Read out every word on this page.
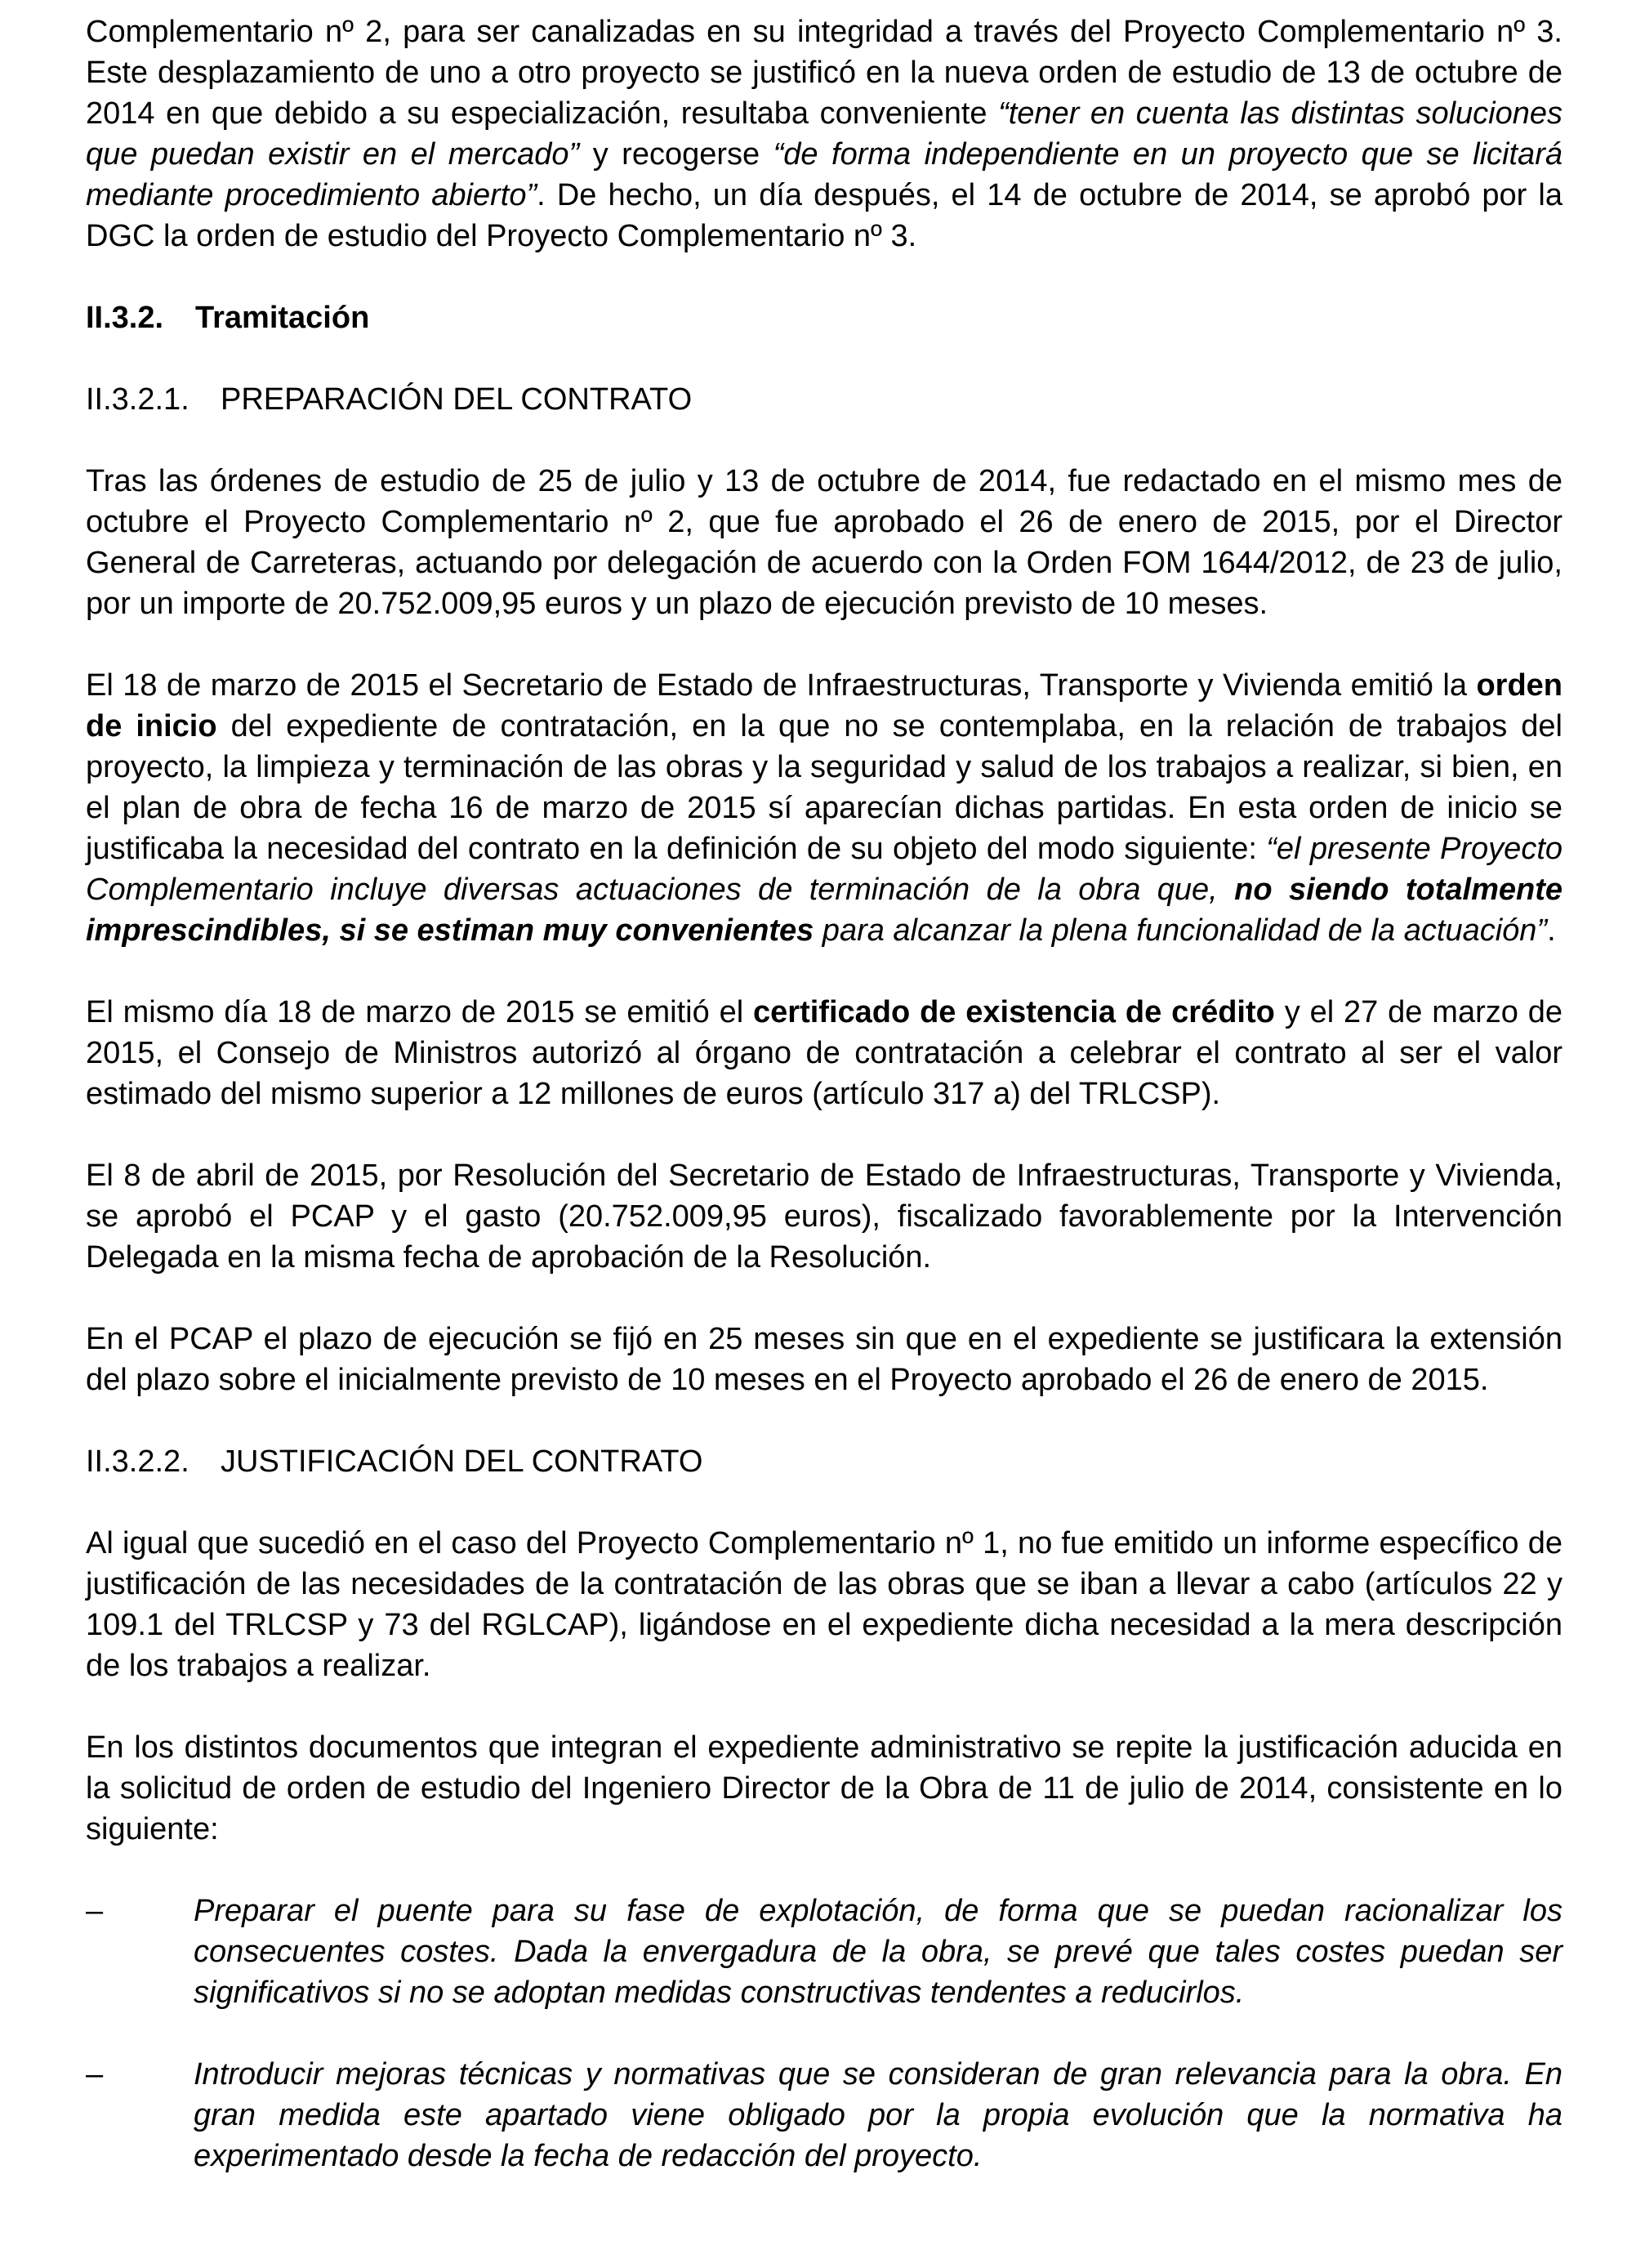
Complementario nº 2, para ser canalizadas en su integridad a través del Proyecto Complementario nº 3. Este desplazamiento de uno a otro proyecto se justificó en la nueva orden de estudio de 13 de octubre de 2014 en que debido a su especialización, resultaba conveniente “tener en cuenta las distintas soluciones que puedan existir en el mercado” y recogerse “de forma independiente en un proyecto que se licitará mediante procedimiento abierto”. De hecho, un día después, el 14 de octubre de 2014, se aprobó por la DGC la orden de estudio del Proyecto Complementario nº 3.

II.3.2. Tramitación

II.3.2.1. PREPARACIÓN DEL CONTRATO

Tras las órdenes de estudio de 25 de julio y 13 de octubre de 2014, fue redactado en el mismo mes de octubre el Proyecto Complementario nº 2, que fue aprobado el 26 de enero de 2015, por el Director General de Carreteras, actuando por delegación de acuerdo con la Orden FOM 1644/2012, de 23 de julio, por un importe de 20.752.009,95 euros y un plazo de ejecución previsto de 10 meses.

El 18 de marzo de 2015 el Secretario de Estado de Infraestructuras, Transporte y Vivienda emitió la orden de inicio del expediente de contratación, en la que no se contemplaba, en la relación de trabajos del proyecto, la limpieza y terminación de las obras y la seguridad y salud de los trabajos a realizar, si bien, en el plan de obra de fecha 16 de marzo de 2015 sí aparecían dichas partidas. En esta orden de inicio se justificaba la necesidad del contrato en la definición de su objeto del modo siguiente: “el presente Proyecto Complementario incluye diversas actuaciones de terminación de la obra que, no siendo totalmente imprescindibles, si se estiman muy convenientes para alcanzar la plena funcionalidad de la actuación”.

El mismo día 18 de marzo de 2015 se emitió el certificado de existencia de crédito y el 27 de marzo de 2015, el Consejo de Ministros autorizó al órgano de contratación a celebrar el contrato al ser el valor estimado del mismo superior a 12 millones de euros (artículo 317 a) del TRLCSP).

El 8 de abril de 2015, por Resolución del Secretario de Estado de Infraestructuras, Transporte y Vivienda, se aprobó el PCAP y el gasto (20.752.009,95 euros), fiscalizado favorablemente por la Intervención Delegada en la misma fecha de aprobación de la Resolución.

En el PCAP el plazo de ejecución se fijó en 25 meses sin que en el expediente se justificara la extensión del plazo sobre el inicialmente previsto de 10 meses en el Proyecto aprobado el 26 de enero de 2015.

II.3.2.2. JUSTIFICACIÓN DEL CONTRATO

Al igual que sucedió en el caso del Proyecto Complementario nº 1, no fue emitido un informe específico de justificación de las necesidades de la contratación de las obras que se iban a llevar a cabo (artículos 22 y 109.1 del TRLCSP y 73 del RGLCAP), ligándose en el expediente dicha necesidad a la mera descripción de los trabajos a realizar.

En los distintos documentos que integran el expediente administrativo se repite la justificación aducida en la solicitud de orden de estudio del Ingeniero Director de la Obra de 11 de julio de 2014, consistente en lo siguiente:

–	Preparar el puente para su fase de explotación, de forma que se puedan racionalizar los consecuentes costes. Dada la envergadura de la obra, se prevé que tales costes puedan ser significativos si no se adoptan medidas constructivas tendentes a reducirlos.
–	Introducir mejoras técnicas y normativas que se consideran de gran relevancia para la obra. En gran medida este apartado viene obligado por la propia evolución que la normativa ha experimentado desde la fecha de redacción del proyecto.
